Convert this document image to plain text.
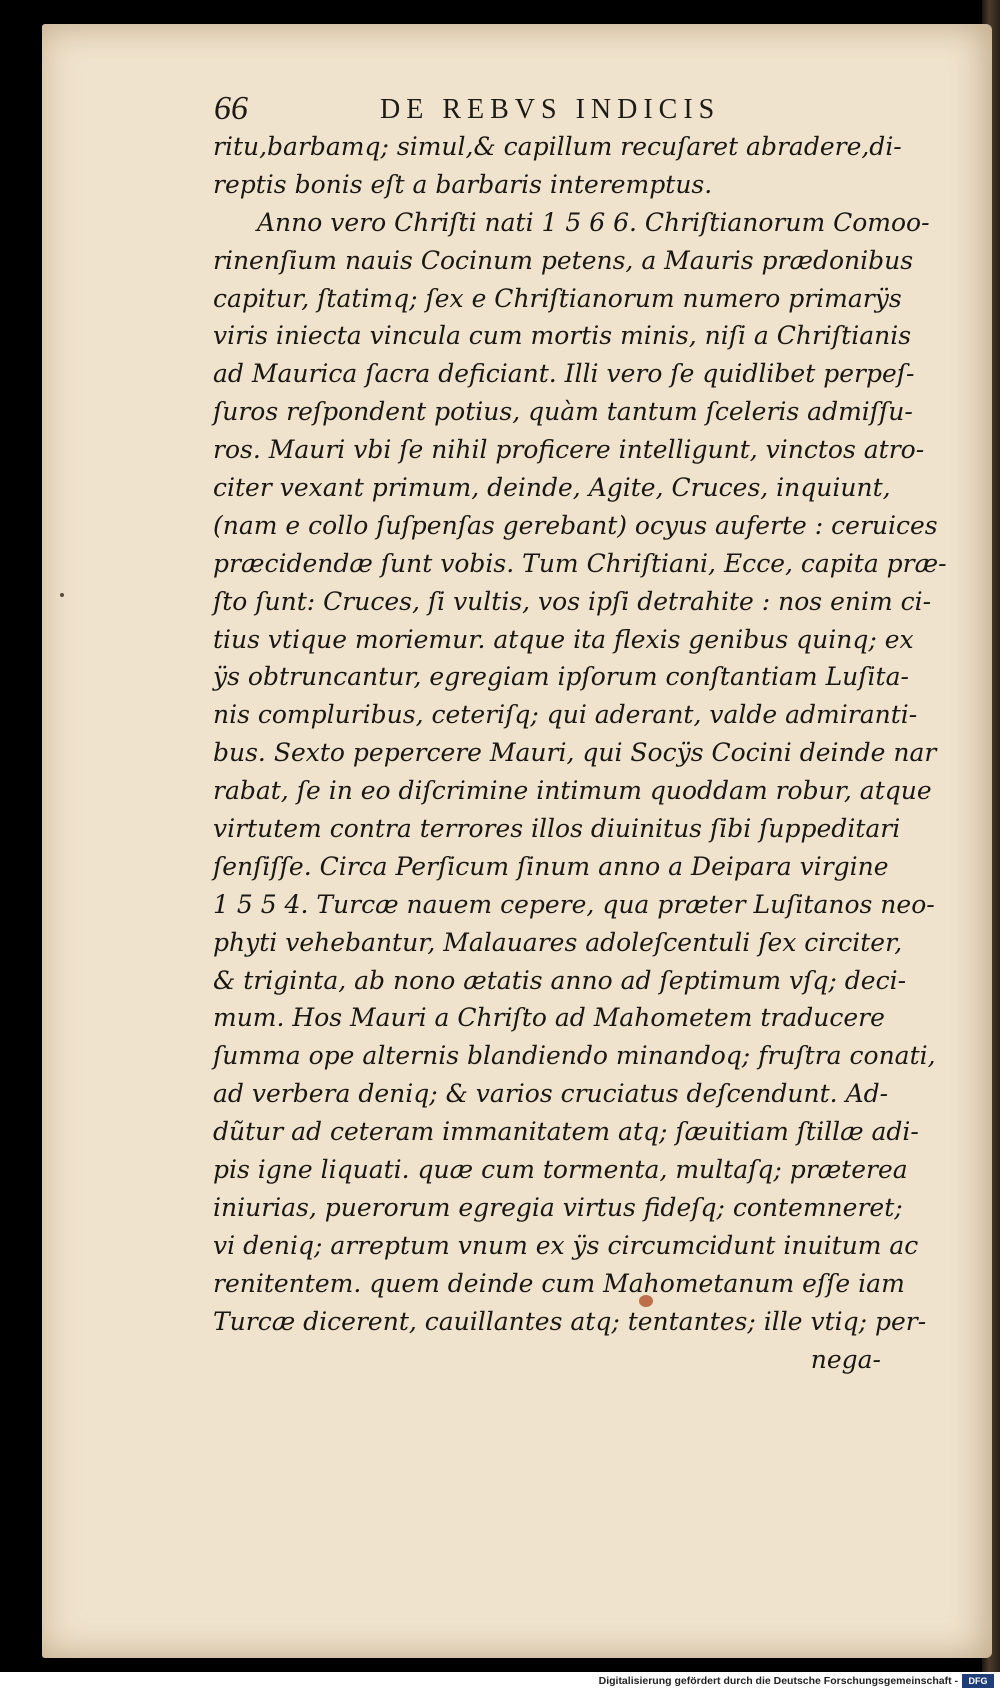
66	DE REBVS INDICIS
ritu,barbamq; simul,& capillum recuſaret abradere,di-
reptis bonis eſt a barbaris interemptus.
Anno vero Chriſti nati 1 5 6 6. Chriſtianorum Comoo-
rinenſium nauis Cocinum petens, a Mauris prædonibus
capitur, ſtatimq; ſex e Chriſtianorum numero primarÿs
viris iniecta vincula cum mortis minis, niſi a Chriſtianis
ad Maurica ſacra deficiant. Illi vero ſe quidlibet perpeſ-
ſuros reſpondent potius, quàm tantum ſceleris admiſſu-
ros. Mauri vbi ſe nihil proficere intelligunt, vinctos atro-
citer vexant primum, deinde, Agite, Cruces, inquiunt,
(nam e collo ſuſpenſas gerebant) ocyus auferte : ceruices
præcidendæ ſunt vobis. Tum Chriſtiani, Ecce, capita præ-
ſto ſunt: Cruces, ſi vultis, vos ipſi detrahite : nos enim ci-
tius vtique moriemur. atque ita flexis genibus quinq; ex
ÿs obtruncantur, egregiam ipſorum conſtantiam Luſita-
nis compluribus, ceteriſq; qui aderant, valde admiranti-
bus. Sexto pepercere Mauri, qui Socÿs Cocini deinde nar
rabat, ſe in eo diſcrimine intimum quoddam robur, atque
virtutem contra terrores illos diuinitus ſibi ſuppeditari
ſenſiſſe. Circa Perſicum ſinum anno a Deipara virgine
1 5 5 4. Turcæ nauem cepere, qua præter Luſitanos neo-
phyti vehebantur, Malauares adoleſcentuli ſex circiter,
& triginta, ab nono ætatis anno ad ſeptimum vſq; deci-
mum. Hos Mauri a Chriſto ad Mahometem traducere
ſumma ope alternis blandiendo minandoq; fruſtra conati,
ad verbera deniq; & varios cruciatus deſcendunt. Ad-
dũtur ad ceteram immanitatem atq; ſæuitiam ſtillæ adi-
pis igne liquati. quæ cum tormenta, multaſq; præterea
iniurias, puerorum egregia virtus fideſq; contemneret;
vi deniq; arreptum vnum ex ÿs circumcidunt inuitum ac
renitentem. quem deinde cum Mahometanum eſſe iam
Turcæ dicerent, cauillantes atq; tentantes; ille vtiq; per-
nega-
Digitalisierung gefördert durch die Deutsche Forschungsgemeinschaft -	DFG
